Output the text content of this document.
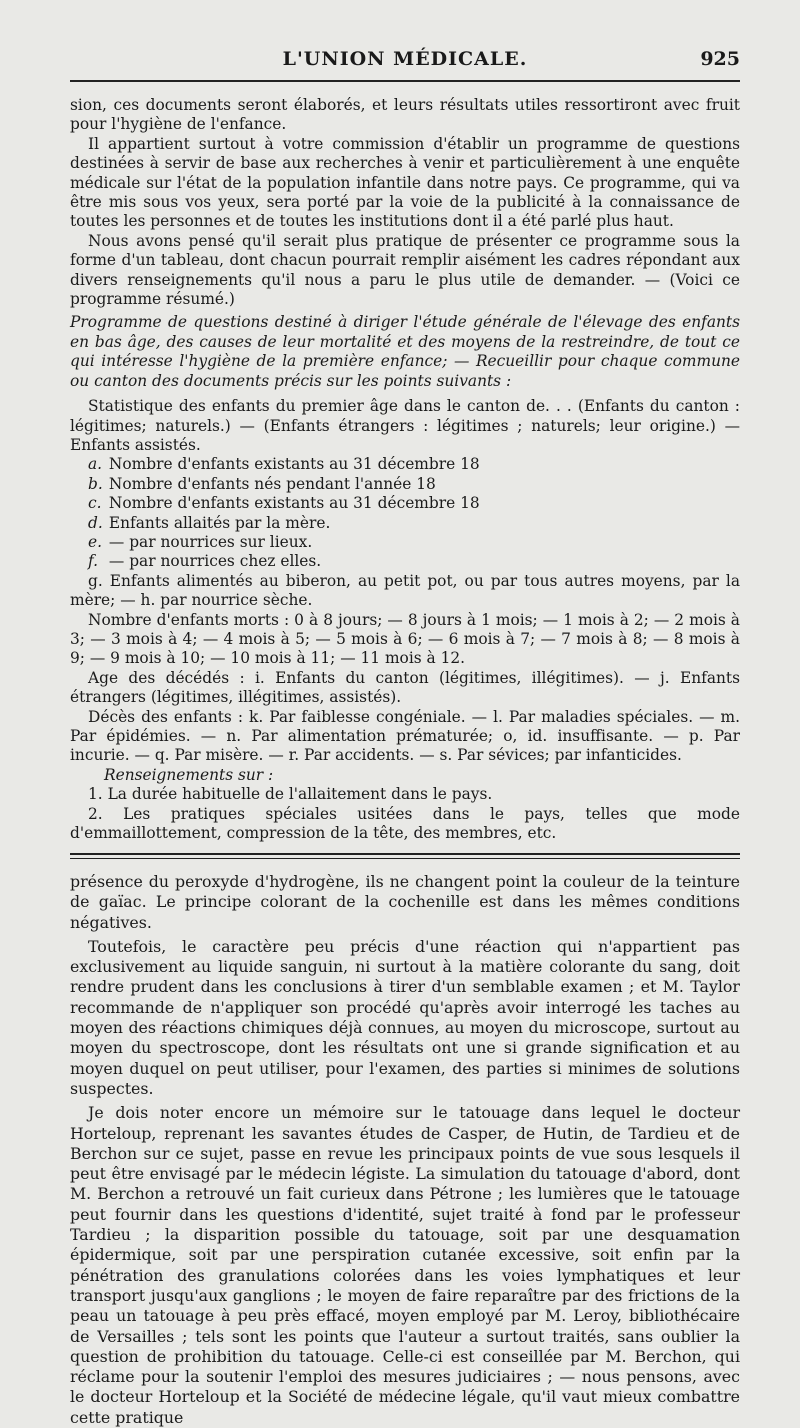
L'UNION MÉDICALE.	925

sion, ces documents seront élaborés, et leurs résultats utiles ressortiront avec fruit pour l'hygiène de l'enfance.

Il appartient surtout à votre commission d'établir un programme de questions destinées à servir de base aux recherches à venir et particulièrement à une enquête médicale sur l'état de la population infantile dans notre pays. Ce programme, qui va être mis sous vos yeux, sera porté par la voie de la publicité à la connaissance de toutes les personnes et de toutes les institutions dont il a été parlé plus haut.

Nous avons pensé qu'il serait plus pratique de présenter ce programme sous la forme d'un tableau, dont chacun pourrait remplir aisément les cadres répondant aux divers renseignements qu'il nous a paru le plus utile de demander. — (Voici ce programme résumé.)

Programme de questions destiné à diriger l'étude générale de l'élevage des enfants en bas âge, des causes de leur mortalité et des moyens de la restreindre, de tout ce qui intéresse l'hygiène de la première enfance; — Recueillir pour chaque commune ou canton des documents précis sur les points suivants :

Statistique des enfants du premier âge dans le canton de. . . (Enfants du canton : légitimes; naturels.) — (Enfants étrangers : légitimes ; naturels; leur origine.) — Enfants assistés.

a. Nombre d'enfants existants au 31 décembre 18

b. Nombre d'enfants nés pendant l'année 18

c. Nombre d'enfants existants au 31 décembre 18

d. Enfants allaités par la mère.

e. — par nourrices sur lieux.

f. — par nourrices chez elles.

g. Enfants alimentés au biberon, au petit pot, ou par tous autres moyens, par la mère; — h. par nourrice sèche.

Nombre d'enfants morts : 0 à 8 jours; — 8 jours à 1 mois; — 1 mois à 2; — 2 mois à 3; — 3 mois à 4; — 4 mois à 5; — 5 mois à 6; — 6 mois à 7; — 7 mois à 8; — 8 mois à 9; — 9 mois à 10; — 10 mois à 11; — 11 mois à 12.

Age des décédés : i. Enfants du canton (légitimes, illégitimes). — j. Enfants étrangers (légitimes, illégitimes, assistés).

Décès des enfants : k. Par faiblesse congéniale. — l. Par maladies spéciales. — m. Par épidémies. — n. Par alimentation prématurée; o, id. insuffisante. — p. Par incurie. — q. Par misère. — r. Par accidents. — s. Par sévices; par infanticides.

Renseignements sur :

1. La durée habituelle de l'allaitement dans le pays.

2. Les pratiques spéciales usitées dans le pays, telles que mode d'emmaillottement, compression de la tête, des membres, etc.

présence du peroxyde d'hydrogène, ils ne changent point la couleur de la teinture de gaïac. Le principe colorant de la cochenille est dans les mêmes conditions négatives.

Toutefois, le caractère peu précis d'une réaction qui n'appartient pas exclusivement au liquide sanguin, ni surtout à la matière colorante du sang, doit rendre prudent dans les conclusions à tirer d'un semblable examen ; et M. Taylor recommande de n'appliquer son procédé qu'après avoir interrogé les taches au moyen des réactions chimiques déjà connues, au moyen du microscope, surtout au moyen du spectroscope, dont les résultats ont une si grande signification et au moyen duquel on peut utiliser, pour l'examen, des parties si minimes de solutions suspectes.

Je dois noter encore un mémoire sur le tatouage dans lequel le docteur Horteloup, reprenant les savantes études de Casper, de Hutin, de Tardieu et de Berchon sur ce sujet, passe en revue les principaux points de vue sous lesquels il peut être envisagé par le médecin légiste. La simulation du tatouage d'abord, dont M. Berchon a retrouvé un fait curieux dans Pétrone ; les lumières que le tatouage peut fournir dans les questions d'identité, sujet traité à fond par le professeur Tardieu ; la disparition possible du tatouage, soit par une desquamation épidermique, soit par une perspiration cutanée excessive, soit enfin par la pénétration des granulations colorées dans les voies lymphatiques et leur transport jusqu'aux ganglions ; le moyen de faire reparaître par des frictions de la peau un tatouage à peu près effacé, moyen employé par M. Leroy, bibliothécaire de Versailles ; tels sont les points que l'auteur a surtout traités, sans oublier la question de prohibition du tatouage. Celle-ci est conseillée par M. Berchon, qui réclame pour la soutenir l'emploi des mesures judiciaires ; — nous pensons, avec le docteur Horteloup et la Société de médecine légale, qu'il vaut mieux combattre cette pratique
